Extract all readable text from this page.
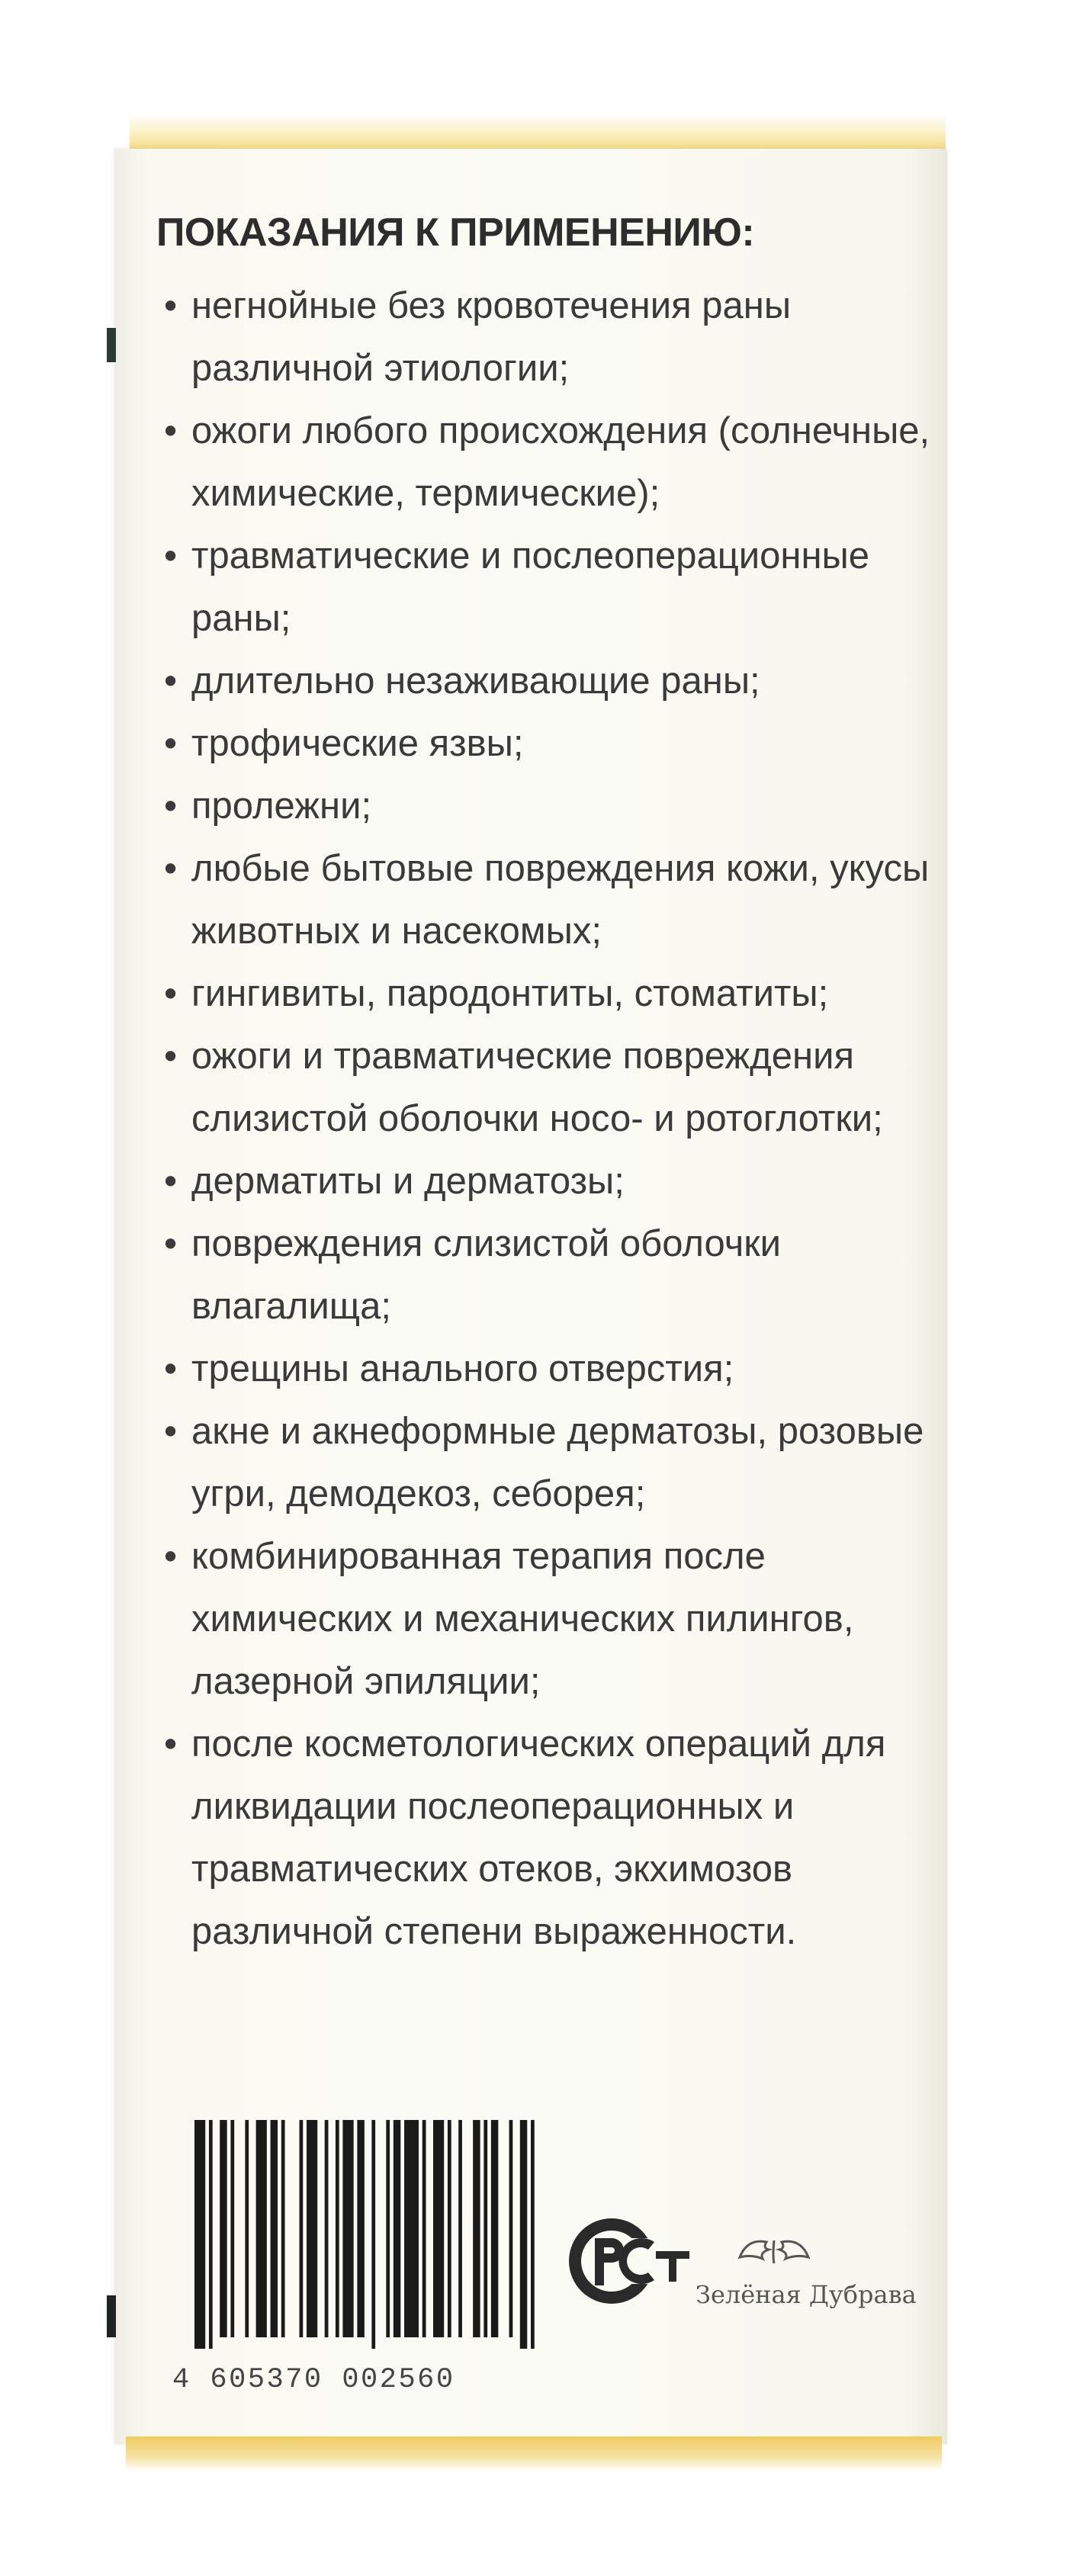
ПОКАЗАНИЯ К ПРИМЕНЕНИЮ:
• негнойные без кровотечения раны
различной этиологии;
• ожоги любого происхождения (солнечные,
химические, термические);
• травматические и послеоперационные
раны;
• длительно незаживающие раны;
• трофические язвы;
• пролежни;
• любые бытовые повреждения кожи, укусы
животных и насекомых;
• гингивиты, пародонтиты, стоматиты;
• ожоги и травматические повреждения
слизистой оболочки носо- и ротоглотки;
• дерматиты и дерматозы;
• повреждения слизистой оболочки
влагалища;
• трещины анального отверстия;
• акне и акнеформные дерматозы, розовые
угри, демодекоз, себорея;
• комбинированная терапия после
химических и механических пилингов,
лазерной эпиляции;
• после косметологических операций для
ликвидации послеоперационных и
травматических отеков, экхимозов
различной степени выраженности.
4 605370 002560
Зелёная Дубрава
